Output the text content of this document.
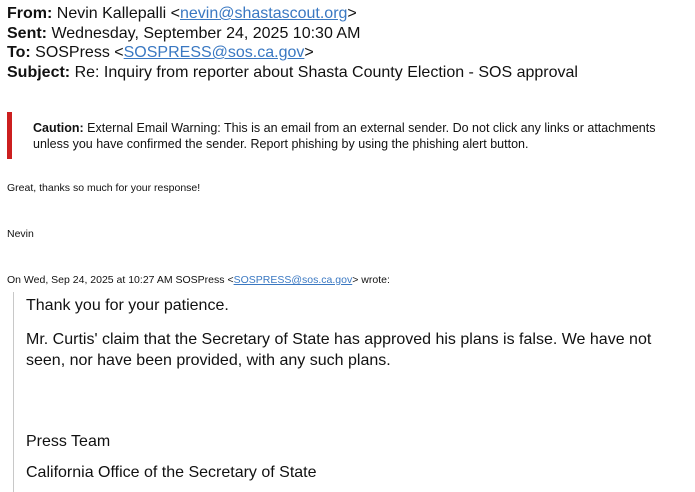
From: Nevin Kallepalli <nevin@shastascout.org>
Sent: Wednesday, September 24, 2025 10:30 AM
To: SOSPress <SOSPRESS@sos.ca.gov>
Subject: Re: Inquiry from reporter about Shasta County Election - SOS approval
Caution: External Email Warning: This is an email from an external sender. Do not click any links or attachments unless you have confirmed the sender. Report phishing by using the phishing alert button.
Great, thanks so much for your response!
Nevin
On Wed, Sep 24, 2025 at 10:27 AM SOSPress <SOSPRESS@sos.ca.gov> wrote:
Thank you for your patience.
Mr. Curtis' claim that the Secretary of State has approved his plans is false. We have not seen, nor have been provided, with any such plans.
Press Team
California Office of the Secretary of State
